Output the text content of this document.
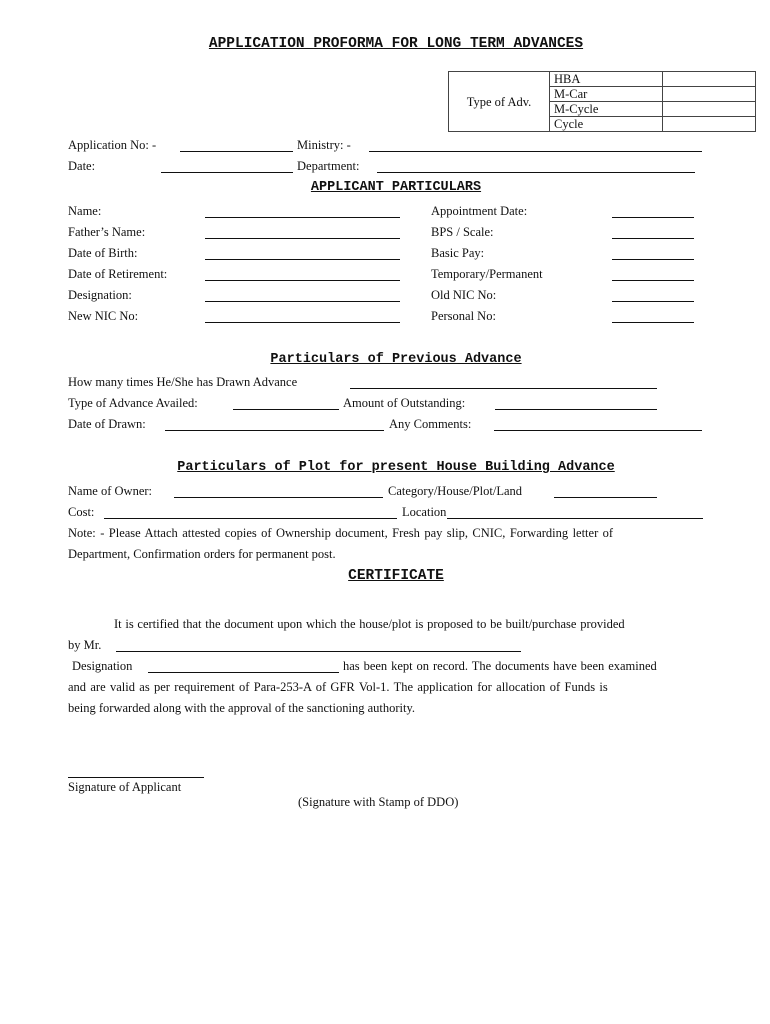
APPLICATION PROFORMA FOR LONG TERM ADVANCES
Type of Adv.	HBA	
	M-Car	
	M-Cycle	
	Cycle	
Application No: -	Ministry: -
Date:	Department:
APPLICANT PARTICULARS
Name:
Father’s Name:
Date of Birth:
Date of Retirement:
Designation:
New NIC No:
Appointment Date:
BPS / Scale:
Basic Pay:
Temporary/Permanent
Old NIC No:
Personal No:
Particulars of Previous Advance
How many times He/She has Drawn Advance
Type of Advance Availed:	Amount of Outstanding:
Date of Drawn:	Any Comments:
Particulars of Plot for present House Building Advance
Name of Owner:	Category/House/Plot/Land
Cost:	Location
Note: - Please Attach attested copies of Ownership document, Fresh pay slip, CNIC, Forwarding letter of
Department, Confirmation orders for permanent post.
CERTIFICATE
It is certified that the document upon which the house/plot is proposed to be built/purchase provided
by Mr.
Designation	has been kept on record. The documents have been examined
and are valid as per requirement of Para-253-A of GFR Vol-1. The application for allocation of Funds is
being forwarded along with the approval of the sanctioning authority.
Signature of Applicant
(Signature with Stamp of DDO)
